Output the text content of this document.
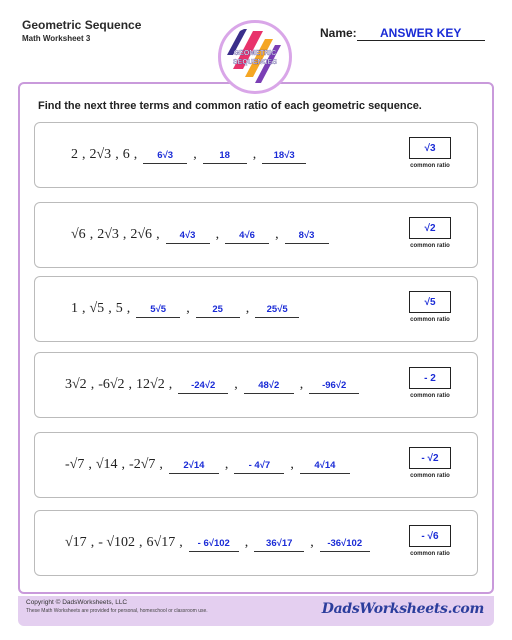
Geometric Sequence
Math Worksheet 3	Name: ANSWER KEY
GEOMETRIC
SEQUENCES
Find the next three terms and common ratio of each geometric sequence.
2 , 2√3 , 6 ,	6√3	,	18	,	18√3
√3
common ratio
√6 , 2√3 , 2√6 ,	4√3	,	4√6	,	8√3
√2
common ratio
1 , √5 , 5 ,	5√5	,	25	,	25√5
√5
common ratio
3√2 , -6√2 , 12√2 ,	-24√2	,	48√2	,	-96√2
- 2
common ratio
-√7 , √14 , -2√7 ,	2√14	,	- 4√7	,	4√14
- √2
common ratio
√17 , - √102 , 6√17 ,	- 6√102	,	36√17	,	-36√102
- √6
common ratio
Copyright © DadsWorksheets, LLC
These Math Worksheets are provided for personal, homeschool or classroom use.	DadsWorksheets.com
